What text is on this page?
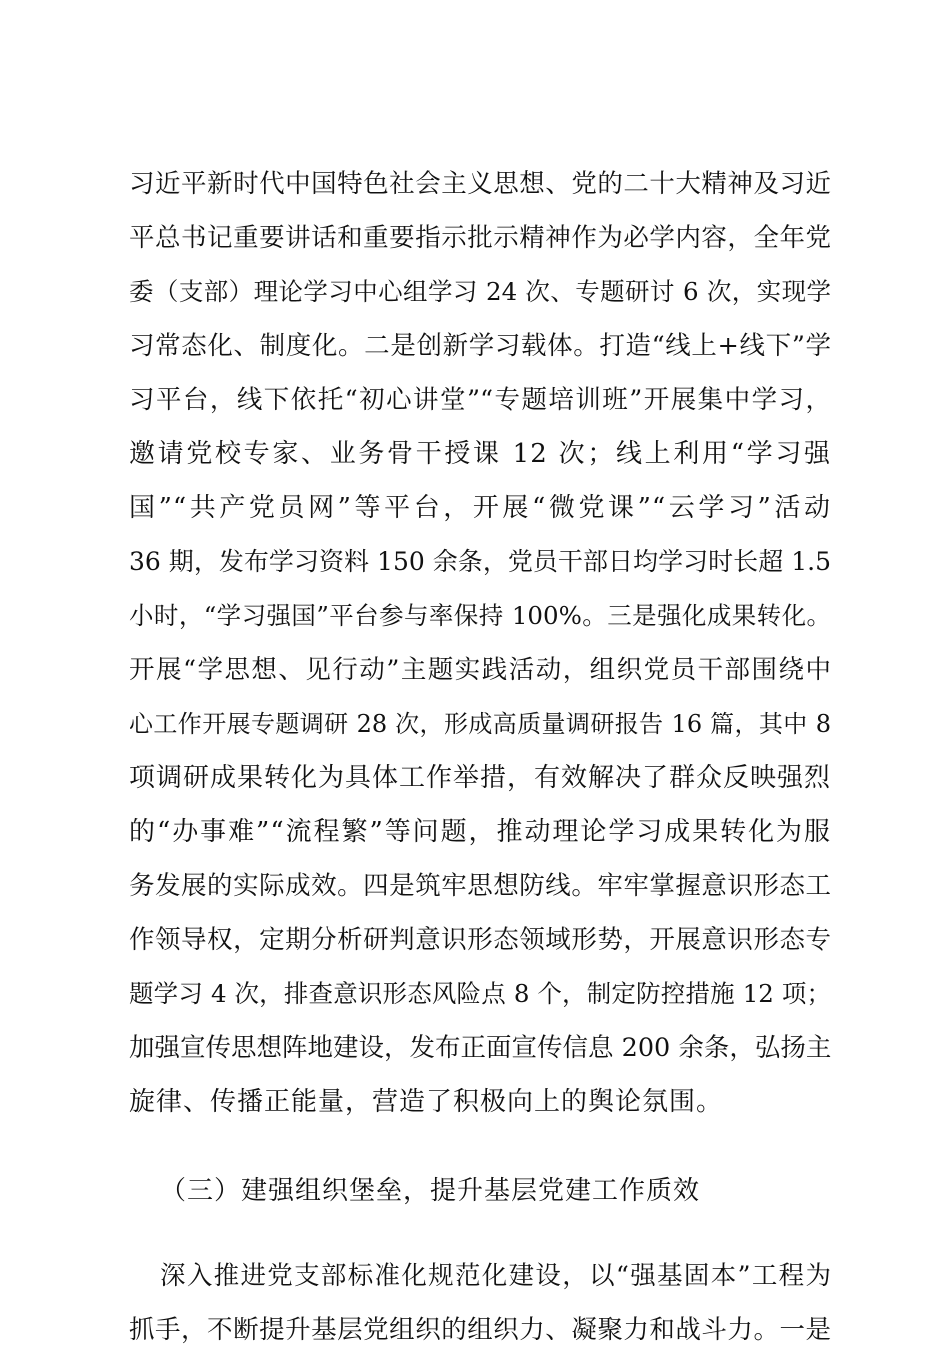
习近平新时代中国特色社会主义思想、党的二十大精神及习近
平总书记重要讲话和重要指示批示精神作为必学内容，全年党
委（支部）理论学习中心组学习 24 次、专题研讨 6 次，实现学
习常态化、制度化。二是创新学习载体。打造“线上+线下”学
习平台，线下依托“初心讲堂”“专题培训班”开展集中学习，
邀请党校专家、业务骨干授课 12 次；线上利用“学习强
国”“共产党员网”等平台，开展“微党课”“云学习”活动
36 期，发布学习资料 150 余条，党员干部日均学习时长超 1.5
小时，“学习强国”平台参与率保持 100%。三是强化成果转化。
开展“学思想、见行动”主题实践活动，组织党员干部围绕中
心工作开展专题调研 28 次，形成高质量调研报告 16 篇，其中 8
项调研成果转化为具体工作举措，有效解决了群众反映强烈
的“办事难”“流程繁”等问题，推动理论学习成果转化为服
务发展的实际成效。四是筑牢思想防线。牢牢掌握意识形态工
作领导权，定期分析研判意识形态领域形势，开展意识形态专
题学习 4 次，排查意识形态风险点 8 个，制定防控措施 12 项；
加强宣传思想阵地建设，发布正面宣传信息 200 余条，弘扬主
旋律、传播正能量，营造了积极向上的舆论氛围。
（三）建强组织堡垒，提升基层党建工作质效
深入推进党支部标准化规范化建设，以“强基固本”工程为
抓手，不断提升基层党组织的组织力、凝聚力和战斗力。一是
